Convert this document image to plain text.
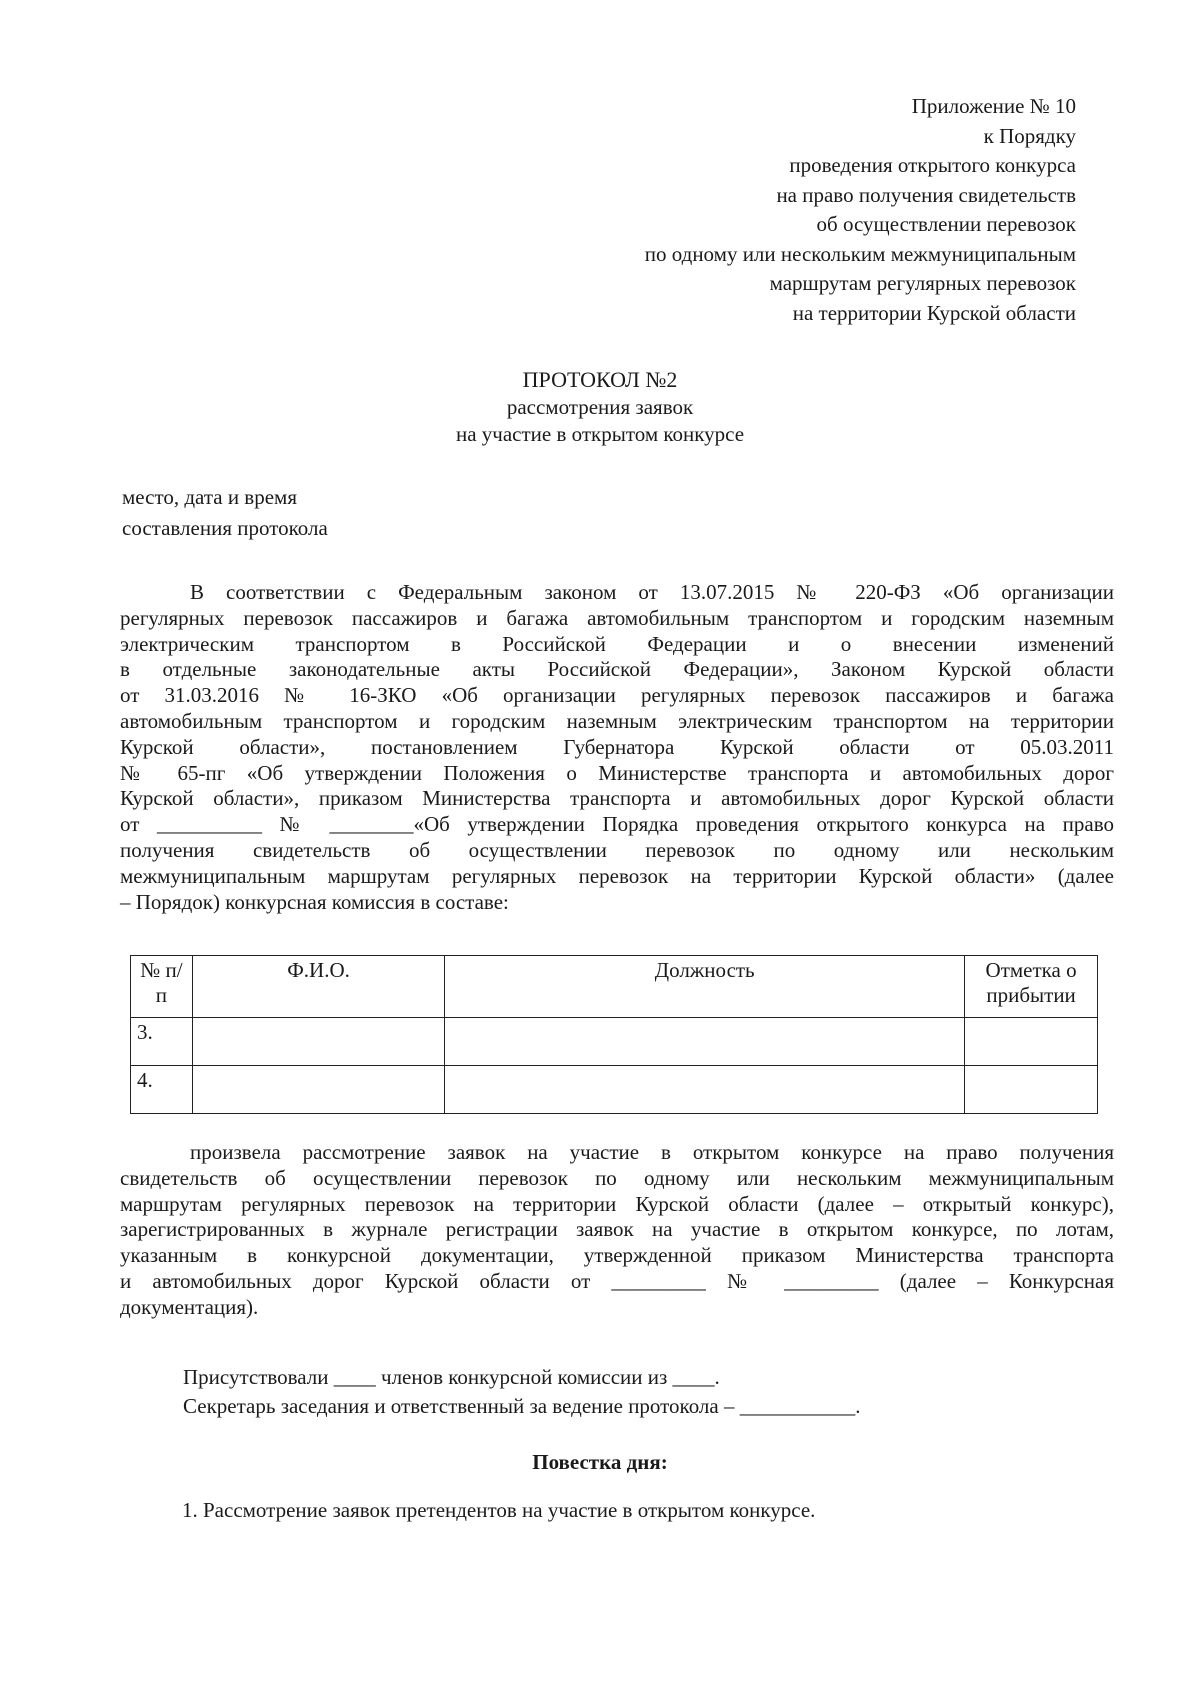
Приложение № 10
к Порядку
проведения открытого конкурса
на право получения свидетельств
об осуществлении перевозок
по одному или нескольким межмуниципальным
маршрутам регулярных перевозок
на территории Курской области
ПРОТОКОЛ №2
рассмотрения заявок
на участие в открытом конкурсе
место, дата и время
составления протокола
В соответствии с Федеральным законом от 13.07.2015 № 220-ФЗ «Об организации
регулярных перевозок пассажиров и багажа автомобильным транспортом и городским наземным
электрическим транспортом в Российской Федерации и о внесении изменений
в отдельные законодательные акты Российской Федерации», Законом Курской области
от 31.03.2016 № 16-ЗКО «Об организации регулярных перевозок пассажиров и багажа
автомобильным транспортом и городским наземным электрическим транспортом на территории
Курской области», постановлением Губернатора Курской области от 05.03.2011
№ 65-пг «Об утверждении Положения о Министерстве транспорта и автомобильных дорог
Курской области», приказом Министерства транспорта и автомобильных дорог Курской области
от __________ № ________«Об утверждении Порядка проведения открытого конкурса на право
получения свидетельств об осуществлении перевозок по одному или нескольким
межмуниципальным маршрутам регулярных перевозок на территории Курской области» (далее
– Порядок) конкурсная комиссия в составе:
№ п/п	Ф.И.О.	Должность	Отметка о прибытии
3.			
4.			
произвела рассмотрение заявок на участие в открытом конкурсе на право получения
свидетельств об осуществлении перевозок по одному или нескольким межмуниципальным
маршрутам регулярных перевозок на территории Курской области (далее – открытый конкурс),
зарегистрированных в журнале регистрации заявок на участие в открытом конкурсе, по лотам,
указанным в конкурсной документации, утвержденной приказом Министерства транспорта
и автомобильных дорог Курской области от _________ № _________ (далее – Конкурсная
документация).
Присутствовали ____ членов конкурсной комиссии из ____.
Секретарь заседания и ответственный за ведение протокола – ___________.
Повестка дня:
1. Рассмотрение заявок претендентов на участие в открытом конкурсе.
